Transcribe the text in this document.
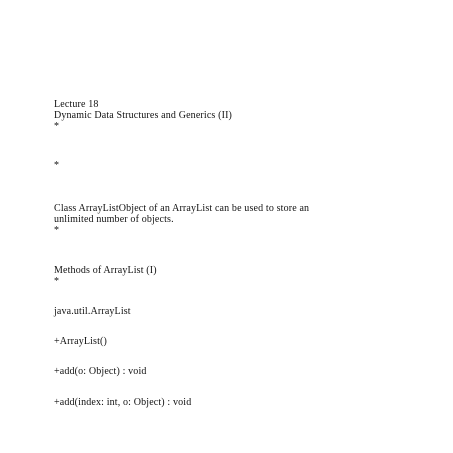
Lecture 18
Dynamic Data Structures and Generics (II)
*
*
Class ArrayListObject of an ArrayList can be used to store an
unlimited number of objects.
*
Methods of ArrayList (I)
*
java.util.ArrayList
+ArrayList()
+add(o: Object) : void
+add(index: int, o: Object) : void
